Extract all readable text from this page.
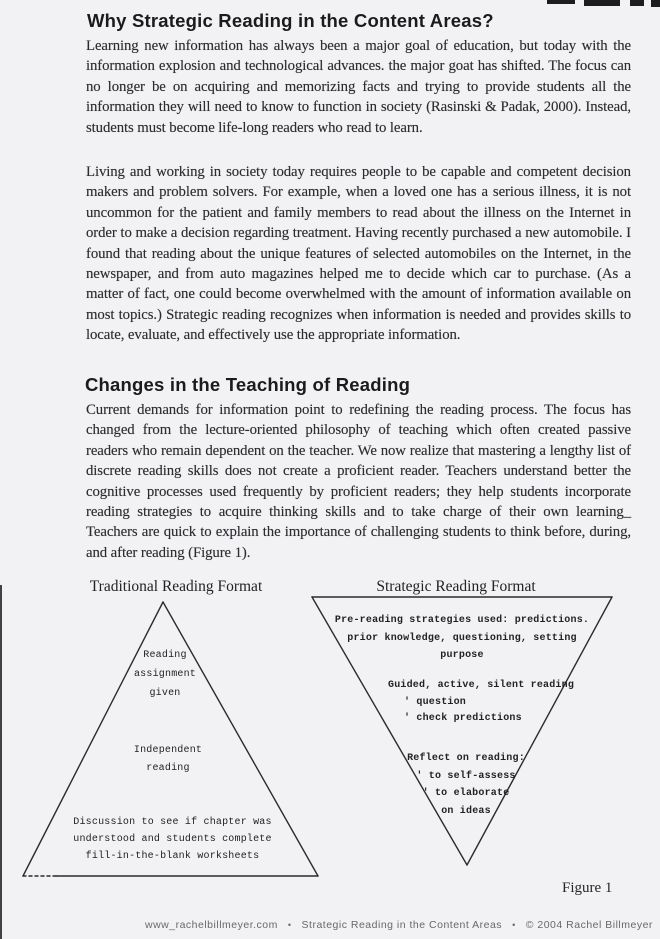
Why Strategic Reading in the Content Areas?
Learning new information has always been a major goal of education, but today with the information explosion and technological advances. the major goat has shifted. The focus can no longer be on acquiring and memorizing facts and trying to provide students all the information they will need to know to function in society (Rasinski & Padak, 2000). Instead, students must become life-long readers who read to learn.
Living and working in society today requires people to be capable and competent decision makers and problem solvers. For example, when a loved one has a serious illness, it is not uncommon for the patient and family members to read about the illness on the Internet in order to make a decision regarding treatment. Having recently purchased a new automobile. I found that reading about the unique features of selected automobiles on the Internet, in the newspaper, and from auto magazines helped me to decide which car to purchase. (As a matter of fact, one could become overwhelmed with the amount of information available on most topics.) Strategic reading recognizes when information is needed and provides skills to locate, evaluate, and effectively use the appropriate information.
Changes in the Teaching of Reading
Current demands for information point to redefining the reading process. The focus has changed from the lecture-oriented philosophy of teaching which often created passive readers who remain dependent on the teacher. We now realize that mastering a lengthy list of discrete reading skills does not create a proficient reader. Teachers understand better the cognitive processes used frequently by proficient readers; they help students incorporate reading strategies to acquire thinking skills and to take charge of their own learning_ Teachers are quick to explain the importance of challenging students to think before, during, and after reading (Figure 1).
Traditional Reading Format	Strategic Reading Format
Reading
assignment
given
Independent
reading
Discussion to see if chapter was
understood and students complete
fill-in-the-blank worksheets
Pre-reading strategies used: predictions.
prior knowledge, questioning, setting
purpose
Guided, active, silent reading
' question
' check predictions
Reflect on reading:
' to self-assess
' to elaborate
on ideas
Figure 1
www_rachelbillmeyer.com • Strategic Reading in the Content Areas • © 2004 Rachel Billmeyer
